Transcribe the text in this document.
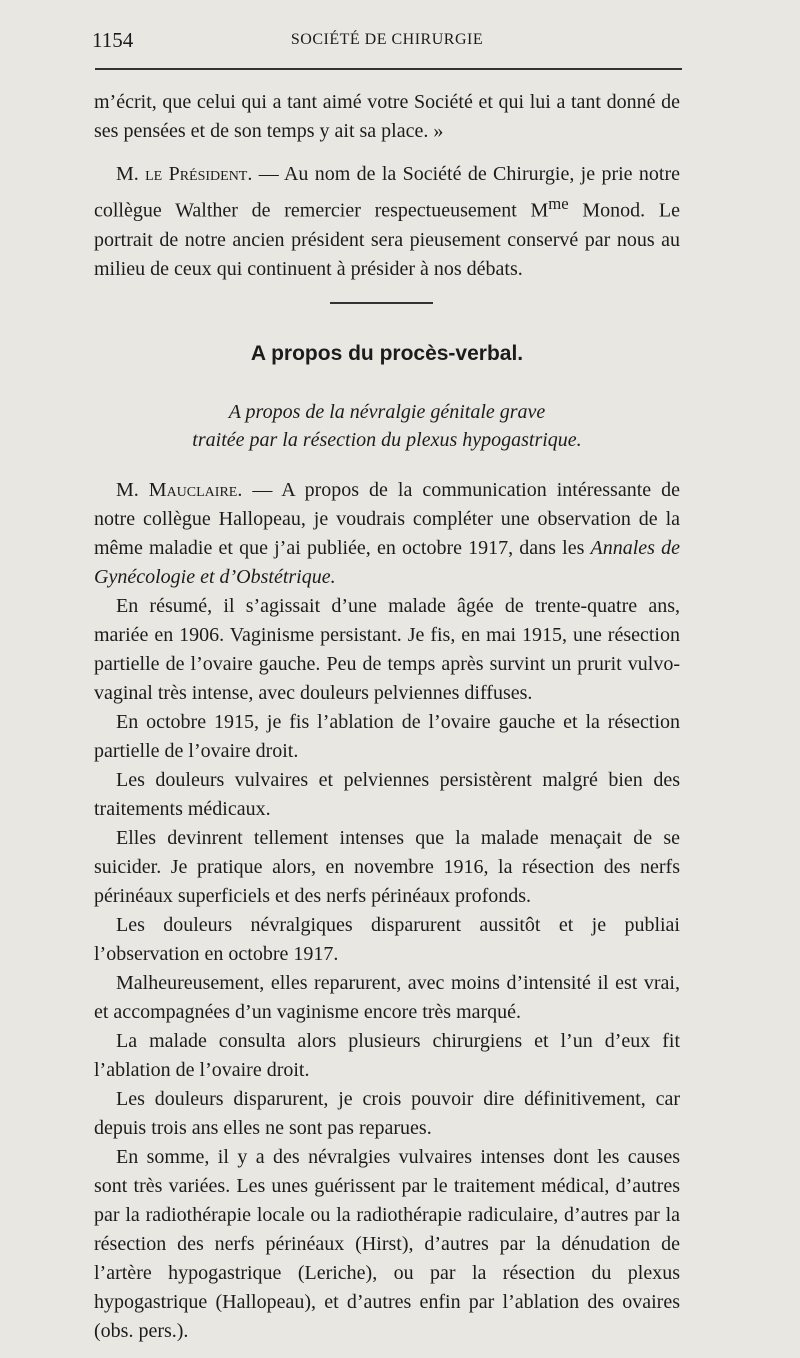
1154	SOCIÉTÉ DE CHIRURGIE

m’écrit, que celui qui a tant aimé votre Société et qui lui a tant donné de ses pensées et de son temps y ait sa place. »

M. le Président. — Au nom de la Société de Chirurgie, je prie notre collègue Walther de remercier respectueusement $M^{me}$ Monod. Le portrait de notre ancien président sera pieusement conservé par nous au milieu de ceux qui continuent à présider à nos débats.

A propos du procès-verbal.
A propos de la névralgie génitale grave
traitée par la résection du plexus hypogastrique.

M. Mauclaire. — A propos de la communication intéressante de notre collègue Hallopeau, je voudrais compléter une observation de la même maladie et que j’ai publiée, en octobre 1917, dans les Annales de Gynécologie et d’Obstétrique.

En résumé, il s’agissait d’une malade âgée de trente-quatre ans, mariée en 1906. Vaginisme persistant. Je fis, en mai 1915, une résection partielle de l’ovaire gauche. Peu de temps après survint un prurit vulvo-vaginal très intense, avec douleurs pelviennes diffuses.

En octobre 1915, je fis l’ablation de l’ovaire gauche et la résection partielle de l’ovaire droit.

Les douleurs vulvaires et pelviennes persistèrent malgré bien des traitements médicaux.

Elles devinrent tellement intenses que la malade menaçait de se suicider. Je pratique alors, en novembre 1916, la résection des nerfs périnéaux superficiels et des nerfs périnéaux profonds.

Les douleurs névralgiques disparurent aussitôt et je publiai l’observation en octobre 1917.

Malheureusement, elles reparurent, avec moins d’intensité il est vrai, et accompagnées d’un vaginisme encore très marqué.

La malade consulta alors plusieurs chirurgiens et l’un d’eux fit l’ablation de l’ovaire droit.

Les douleurs disparurent, je crois pouvoir dire définitivement, car depuis trois ans elles ne sont pas reparues.

En somme, il y a des névralgies vulvaires intenses dont les causes sont très variées. Les unes guérissent par le traitement médical, d’autres par la radiothérapie locale ou la radiothérapie radiculaire, d’autres par la résection des nerfs périnéaux (Hirst), d’autres par la dénudation de l’artère hypogastrique (Leriche), ou par la résection du plexus hypogastrique (Hallopeau), et d’autres enfin par l’ablation des ovaires (obs. pers.).
